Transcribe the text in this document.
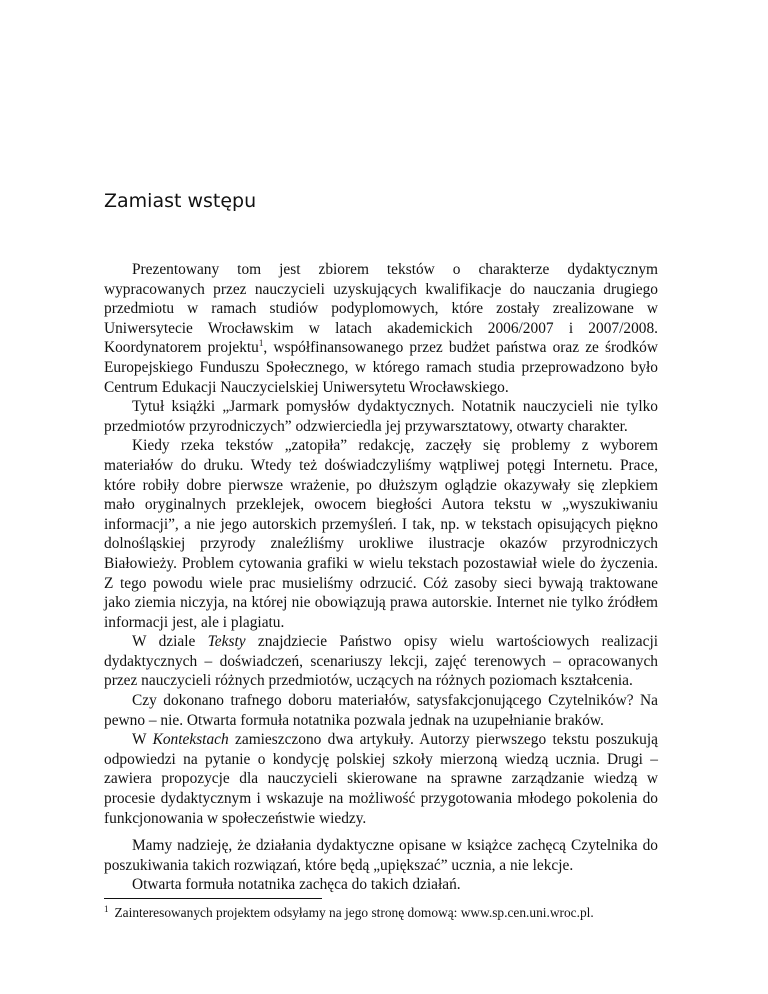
Zamiast wstępu

Prezentowany tom jest zbiorem tekstów o charakterze dydaktycznym wypracowanych przez nauczycieli uzyskujących kwalifikacje do nauczania drugiego przedmiotu w ramach studiów podyplomowych, które zostały zrealizowane w Uniwersytecie Wrocławskim w latach akademickich 2006/2007 i 2007/2008. Koordynatorem projektu$^1$, współfinansowanego przez budżet państwa oraz ze środków Europejskiego Funduszu Społecznego, w którego ramach studia przeprowadzono było Centrum Edukacji Nauczycielskiej Uniwersytetu Wrocławskiego.

Tytuł książki „Jarmark pomysłów dydaktycznych. Notatnik nauczycieli nie tylko przedmiotów przyrodniczych” odzwierciedla jej przywarsztatowy, otwarty charakter.

Kiedy rzeka tekstów „zatopiła” redakcję, zaczęły się problemy z wyborem materiałów do druku. Wtedy też doświadczyliśmy wątpliwej potęgi Internetu. Prace, które robiły dobre pierwsze wrażenie, po dłuższym oglądzie okazywały się zlepkiem mało oryginalnych przeklejek, owocem biegłości Autora tekstu w „wyszukiwaniu informacji”, a nie jego autorskich przemyśleń. I tak, np. w tekstach opisujących piękno dolnośląskiej przyrody znaleźliśmy urokliwe ilustracje okazów przyrodniczych Białowieży. Problem cytowania grafiki w wielu tekstach pozostawiał wiele do życzenia. Z tego powodu wiele prac musieliśmy odrzucić. Cóż zasoby sieci bywają traktowane jako ziemia niczyja, na której nie obowiązują prawa autorskie. Internet nie tylko źródłem informacji jest, ale i plagiatu.

W dziale Teksty znajdziecie Państwo opisy wielu wartościowych realizacji dydaktycznych – doświadczeń, scenariuszy lekcji, zajęć terenowych – opracowanych przez nauczycieli różnych przedmiotów, uczących na różnych poziomach kształcenia.

Czy dokonano trafnego doboru materiałów, satysfakcjonującego Czytelników? Na pewno – nie. Otwarta formuła notatnika pozwala jednak na uzupełnianie braków.

W Kontekstach zamieszczono dwa artykuły. Autorzy pierwszego tekstu poszukują odpowiedzi na pytanie o kondycję polskiej szkoły mierzoną wiedzą ucznia. Drugi – zawiera propozycje dla nauczycieli skierowane na sprawne zarządzanie wiedzą w procesie dydaktycznym i wskazuje na możliwość przygotowania młodego pokolenia do funkcjonowania w społeczeństwie wiedzy.

Mamy nadzieję, że działania dydaktyczne opisane w książce zachęcą Czytelnika do poszukiwania takich rozwiązań, które będą „upiększać” ucznia, a nie lekcje.

Otwarta formuła notatnika zachęca do takich działań.

$^1$ Zainteresowanych projektem odsyłamy na jego stronę domową: www.sp.cen.uni.wroc.pl.
